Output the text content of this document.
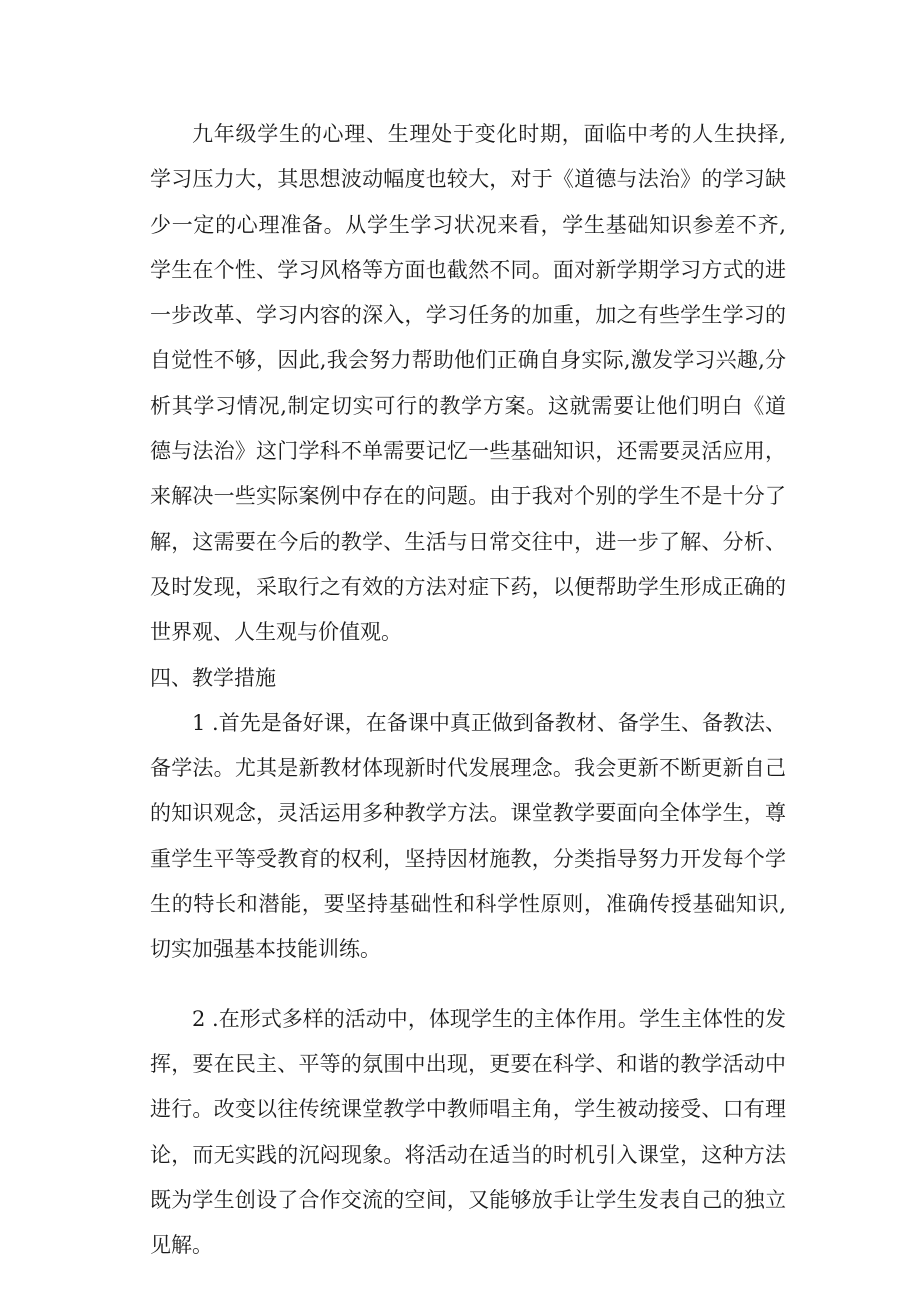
九年级学生的心理、生理处于变化时期，面临中考的人生抉择,学习压力大，其思想波动幅度也较大，对于《道德与法治》的学习缺少一定的心理准备。从学生学习状况来看，学生基础知识参差不齐,学生在个性、学习风格等方面也截然不同。面对新学期学习方式的进一步改革、学习内容的深入，学习任务的加重，加之有些学生学习的自觉性不够，因此,我会努力帮助他们正确自身实际,激发学习兴趣,分析其学习情况,制定切实可行的教学方案。这就需要让他们明白《道德与法治》这门学科不单需要记忆一些基础知识，还需要灵活应用，来解决一些实际案例中存在的问题。由于我对个别的学生不是十分了解，这需要在今后的教学、生活与日常交往中，进一步了解、分析、及时发现，采取行之有效的方法对症下药，以便帮助学生形成正确的世界观、人生观与价值观。

四、教学措施

1 .首先是备好课，在备课中真正做到备教材、备学生、备教法、备学法。尤其是新教材体现新时代发展理念。我会更新不断更新自己的知识观念，灵活运用多种教学方法。课堂教学要面向全体学生，尊重学生平等受教育的权利，坚持因材施教，分类指导努力开发每个学生的特长和潜能，要坚持基础性和科学性原则，准确传授基础知识,切实加强基本技能训练。

2 .在形式多样的活动中，体现学生的主体作用。学生主体性的发挥，要在民主、平等的氛围中出现，更要在科学、和谐的教学活动中进行。改变以往传统课堂教学中教师唱主角，学生被动接受、口有理论，而无实践的沉闷现象。将活动在适当的时机引入课堂，这种方法既为学生创设了合作交流的空间，又能够放手让学生发表自己的独立见解。
